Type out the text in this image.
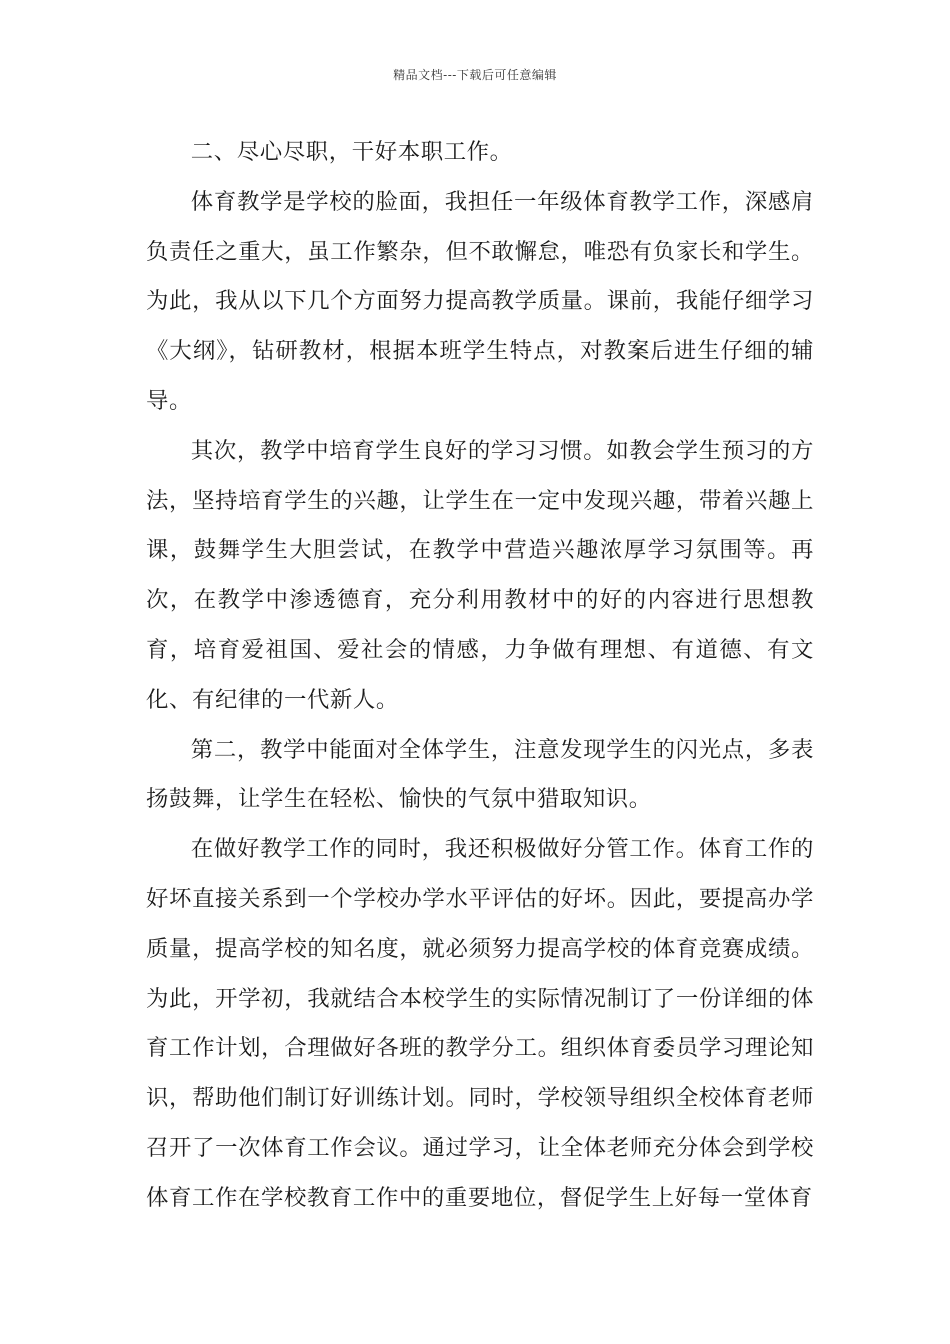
精品文档---下载后可任意编辑

二、尽心尽职，干好本职工作。

体育教学是学校的脸面，我担任一年级体育教学工作，深感肩负责任之重大，虽工作繁杂，但不敢懈怠，唯恐有负家长和学生。为此，我从以下几个方面努力提高教学质量。课前，我能仔细学习《大纲》，钻研教材，根据本班学生特点，对教案后进生仔细的辅导。

其次，教学中培育学生良好的学习习惯。如教会学生预习的方法，坚持培育学生的兴趣，让学生在一定中发现兴趣，带着兴趣上课，鼓舞学生大胆尝试，在教学中营造兴趣浓厚学习氛围等。再次，在教学中渗透德育，充分利用教材中的好的内容进行思想教育，培育爱祖国、爱社会的情感，力争做有理想、有道德、有文化、有纪律的一代新人。

第二，教学中能面对全体学生，注意发现学生的闪光点，多表扬鼓舞，让学生在轻松、愉快的气氛中猎取知识。

在做好教学工作的同时，我还积极做好分管工作。体育工作的好坏直接关系到一个学校办学水平评估的好坏。因此，要提高办学质量，提高学校的知名度，就必须努力提高学校的体育竞赛成绩。为此，开学初，我就结合本校学生的实际情况制订了一份详细的体育工作计划，合理做好各班的教学分工。组织体育委员学习理论知识，帮助他们制订好训练计划。同时，学校领导组织全校体育老师召开了一次体育工作会议。通过学习，让全体老师充分体会到学校体育工作在学校教育工作中的重要地位，督促学生上好每一堂体育
